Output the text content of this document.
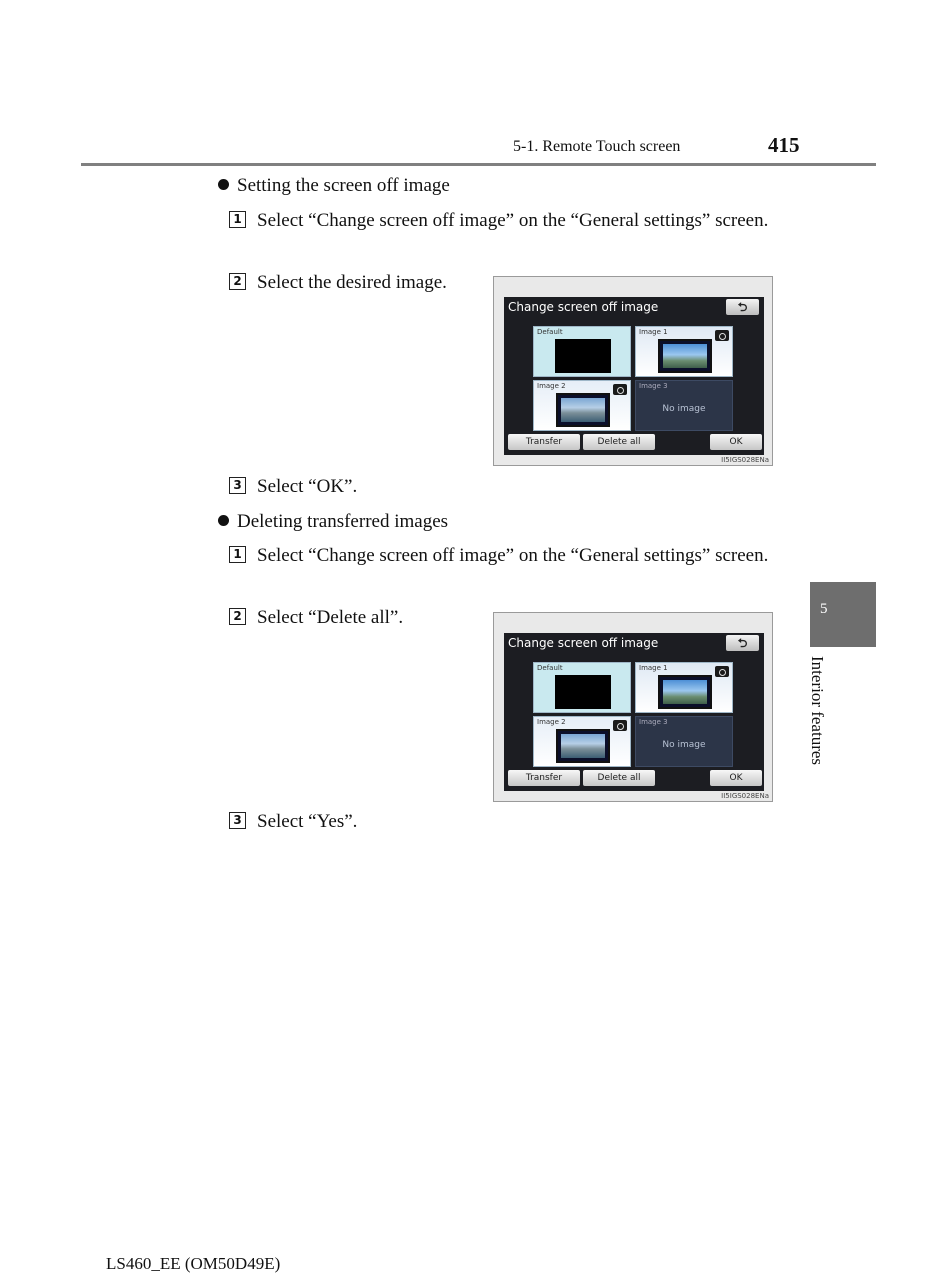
5-1. Remote Touch screen	415
Setting the screen off image
1 Select “Change screen off image” on the “General settings” screen.
2 Select the desired image.
Change screen off image	⮌
Default	Image 1
Image 2	Image 3
No image
Transfer	Delete all	OK
II5IGS028ENa
3 Select “OK”.
Deleting transferred images
1 Select “Change screen off image” on the “General settings” screen.
2 Select “Delete all”.
Change screen off image	⮌
Default	Image 1
Image 2	Image 3
No image
Transfer	Delete all	OK
II5IGS028ENa
3 Select “Yes”.
5
Interior features
LS460_EE (OM50D49E)
